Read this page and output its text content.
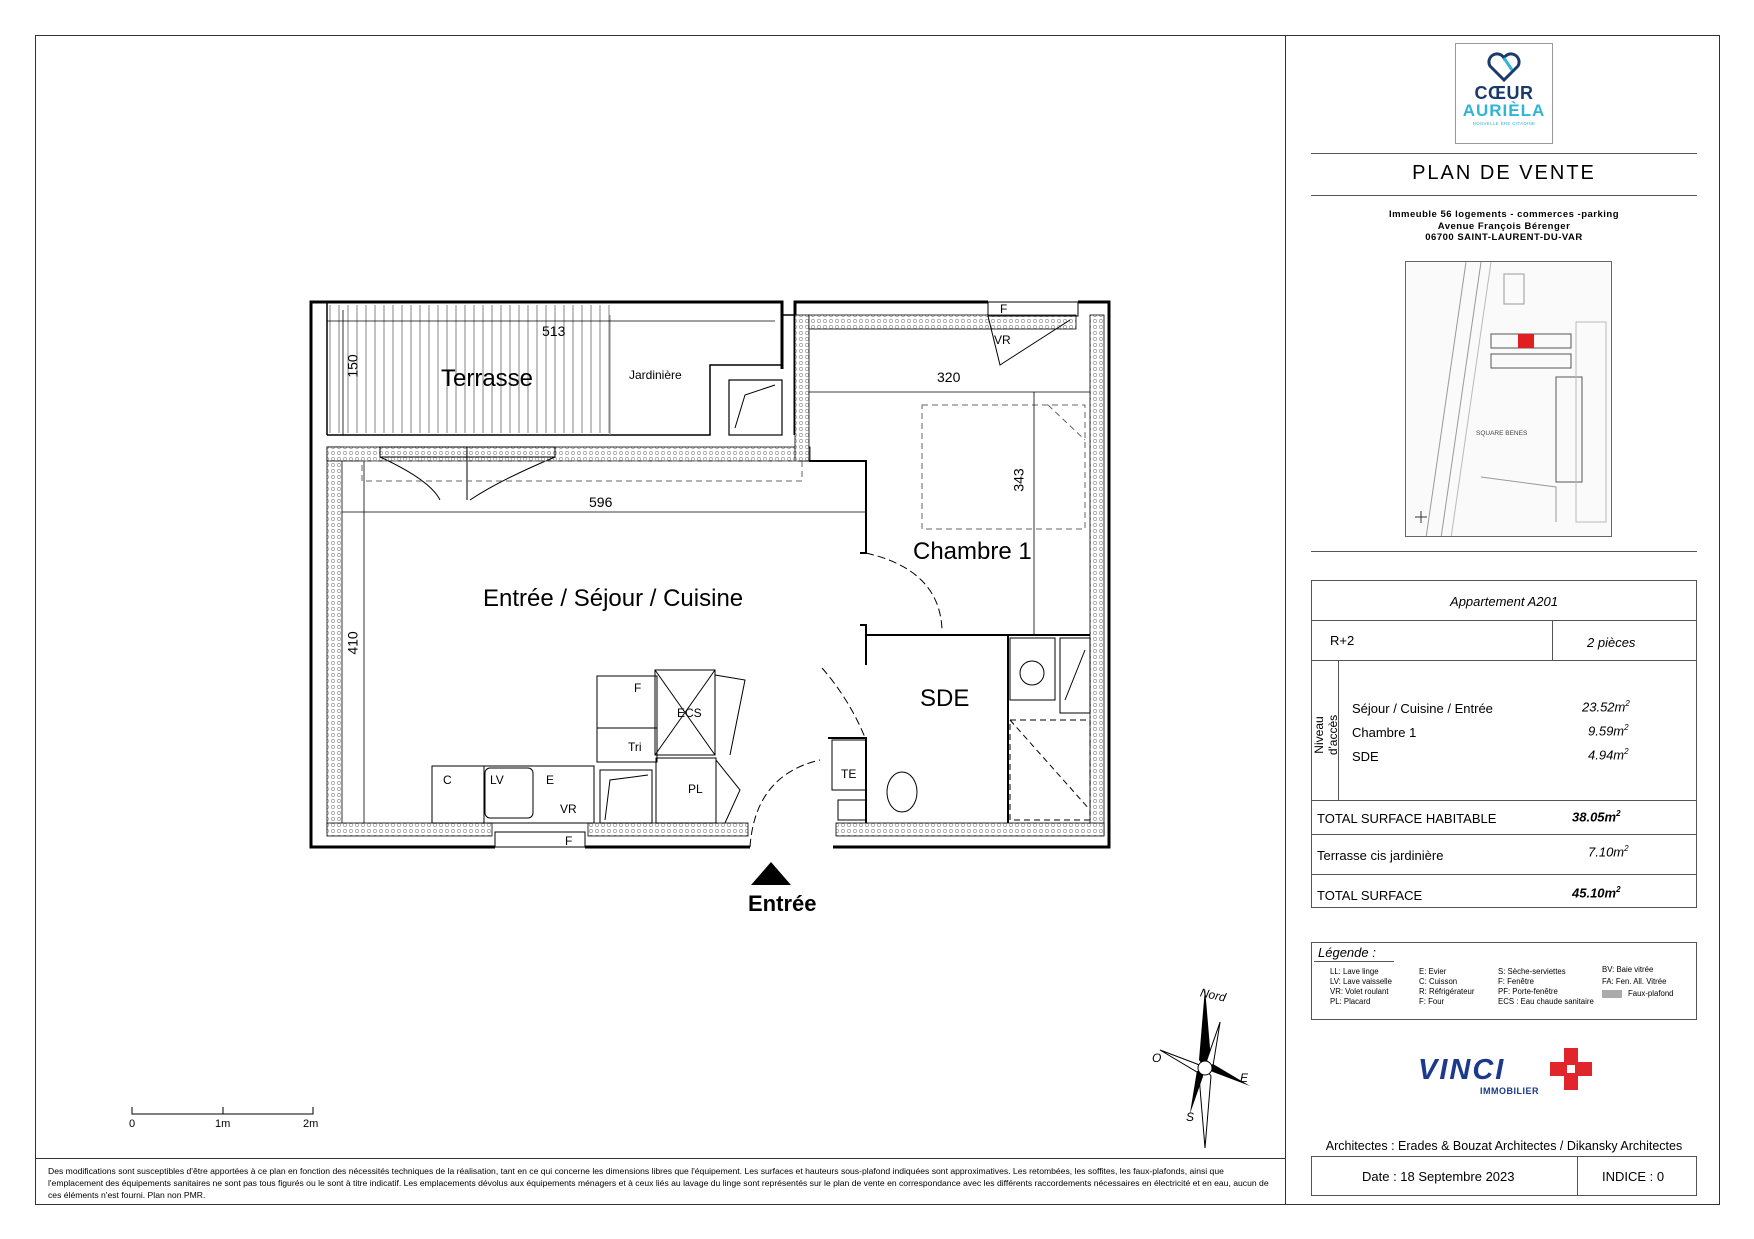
513
150	Terrasse	Jardinière
F
VR
320
343
596
Chambre 1
Entrée / Séjour / Cuisine
410
SDE
F
ECS
Tri
C	LV	E
VR
PL
TE
F
Entrée
0	1m	2m
Nord
O
E
S
Des modifications sont susceptibles d'être apportées à ce plan en fonction des nécessités techniques de la réalisation, tant en ce qui concerne les dimensions libres que l'équipement. Les surfaces et hauteurs sous-plafond indiquées sont approximatives. Les retombées, les soffites, les faux-plafonds, ainsi que l'emplacement des équipements sanitaires ne sont pas tous figurés ou le sont à titre indicatif. Les emplacements dévolus aux équipements ménagers et à ceux liés au lavage du linge sont représentés sur le plan de vente en correspondance avec les différents raccordements nécessaires en électricité et en eau, aucun de ces éléments n'est fourni. Plan non PMR.
CŒUR
AURIÈLA
NOUVELLE ÈRE CITADINE
PLAN DE VENTE
Immeuble 56 logements - commerces -parking
Avenue François Bérenger
06700 SAINT-LAURENT-DU-VAR
SQUARE BENES
Appartement A201
R+2	2 pièces
Niveau d'accès
Séjour / Cuisine / Entrée	$23.52m^2$
Chambre 1	$9.59m^2$
SDE	$4.94m^2$
TOTAL SURFACE HABITABLE	$38.05m^2$
Terrasse cis jardinière	$7.10m^2$
TOTAL SURFACE	$45.10m^2$
Légende :
LL: Lave linge
LV: Lave vaisselle
VR: Volet roulant
PL: Placard
E: Evier
C: Cuisson
R: Réfrigérateur
F: Four
S: Sèche-serviettes
F: Fenêtre
PF: Porte-fenêtre
ECS : Eau chaude sanitaire
BV: Baie vitrée
FA: Fen. All. Vitrée
Faux-plafond
VINCI
IMMOBILIER
Architectes : Erades & Bouzat Architectes / Dikansky Architectes
Date : 18 Septembre 2023	INDICE : 0
